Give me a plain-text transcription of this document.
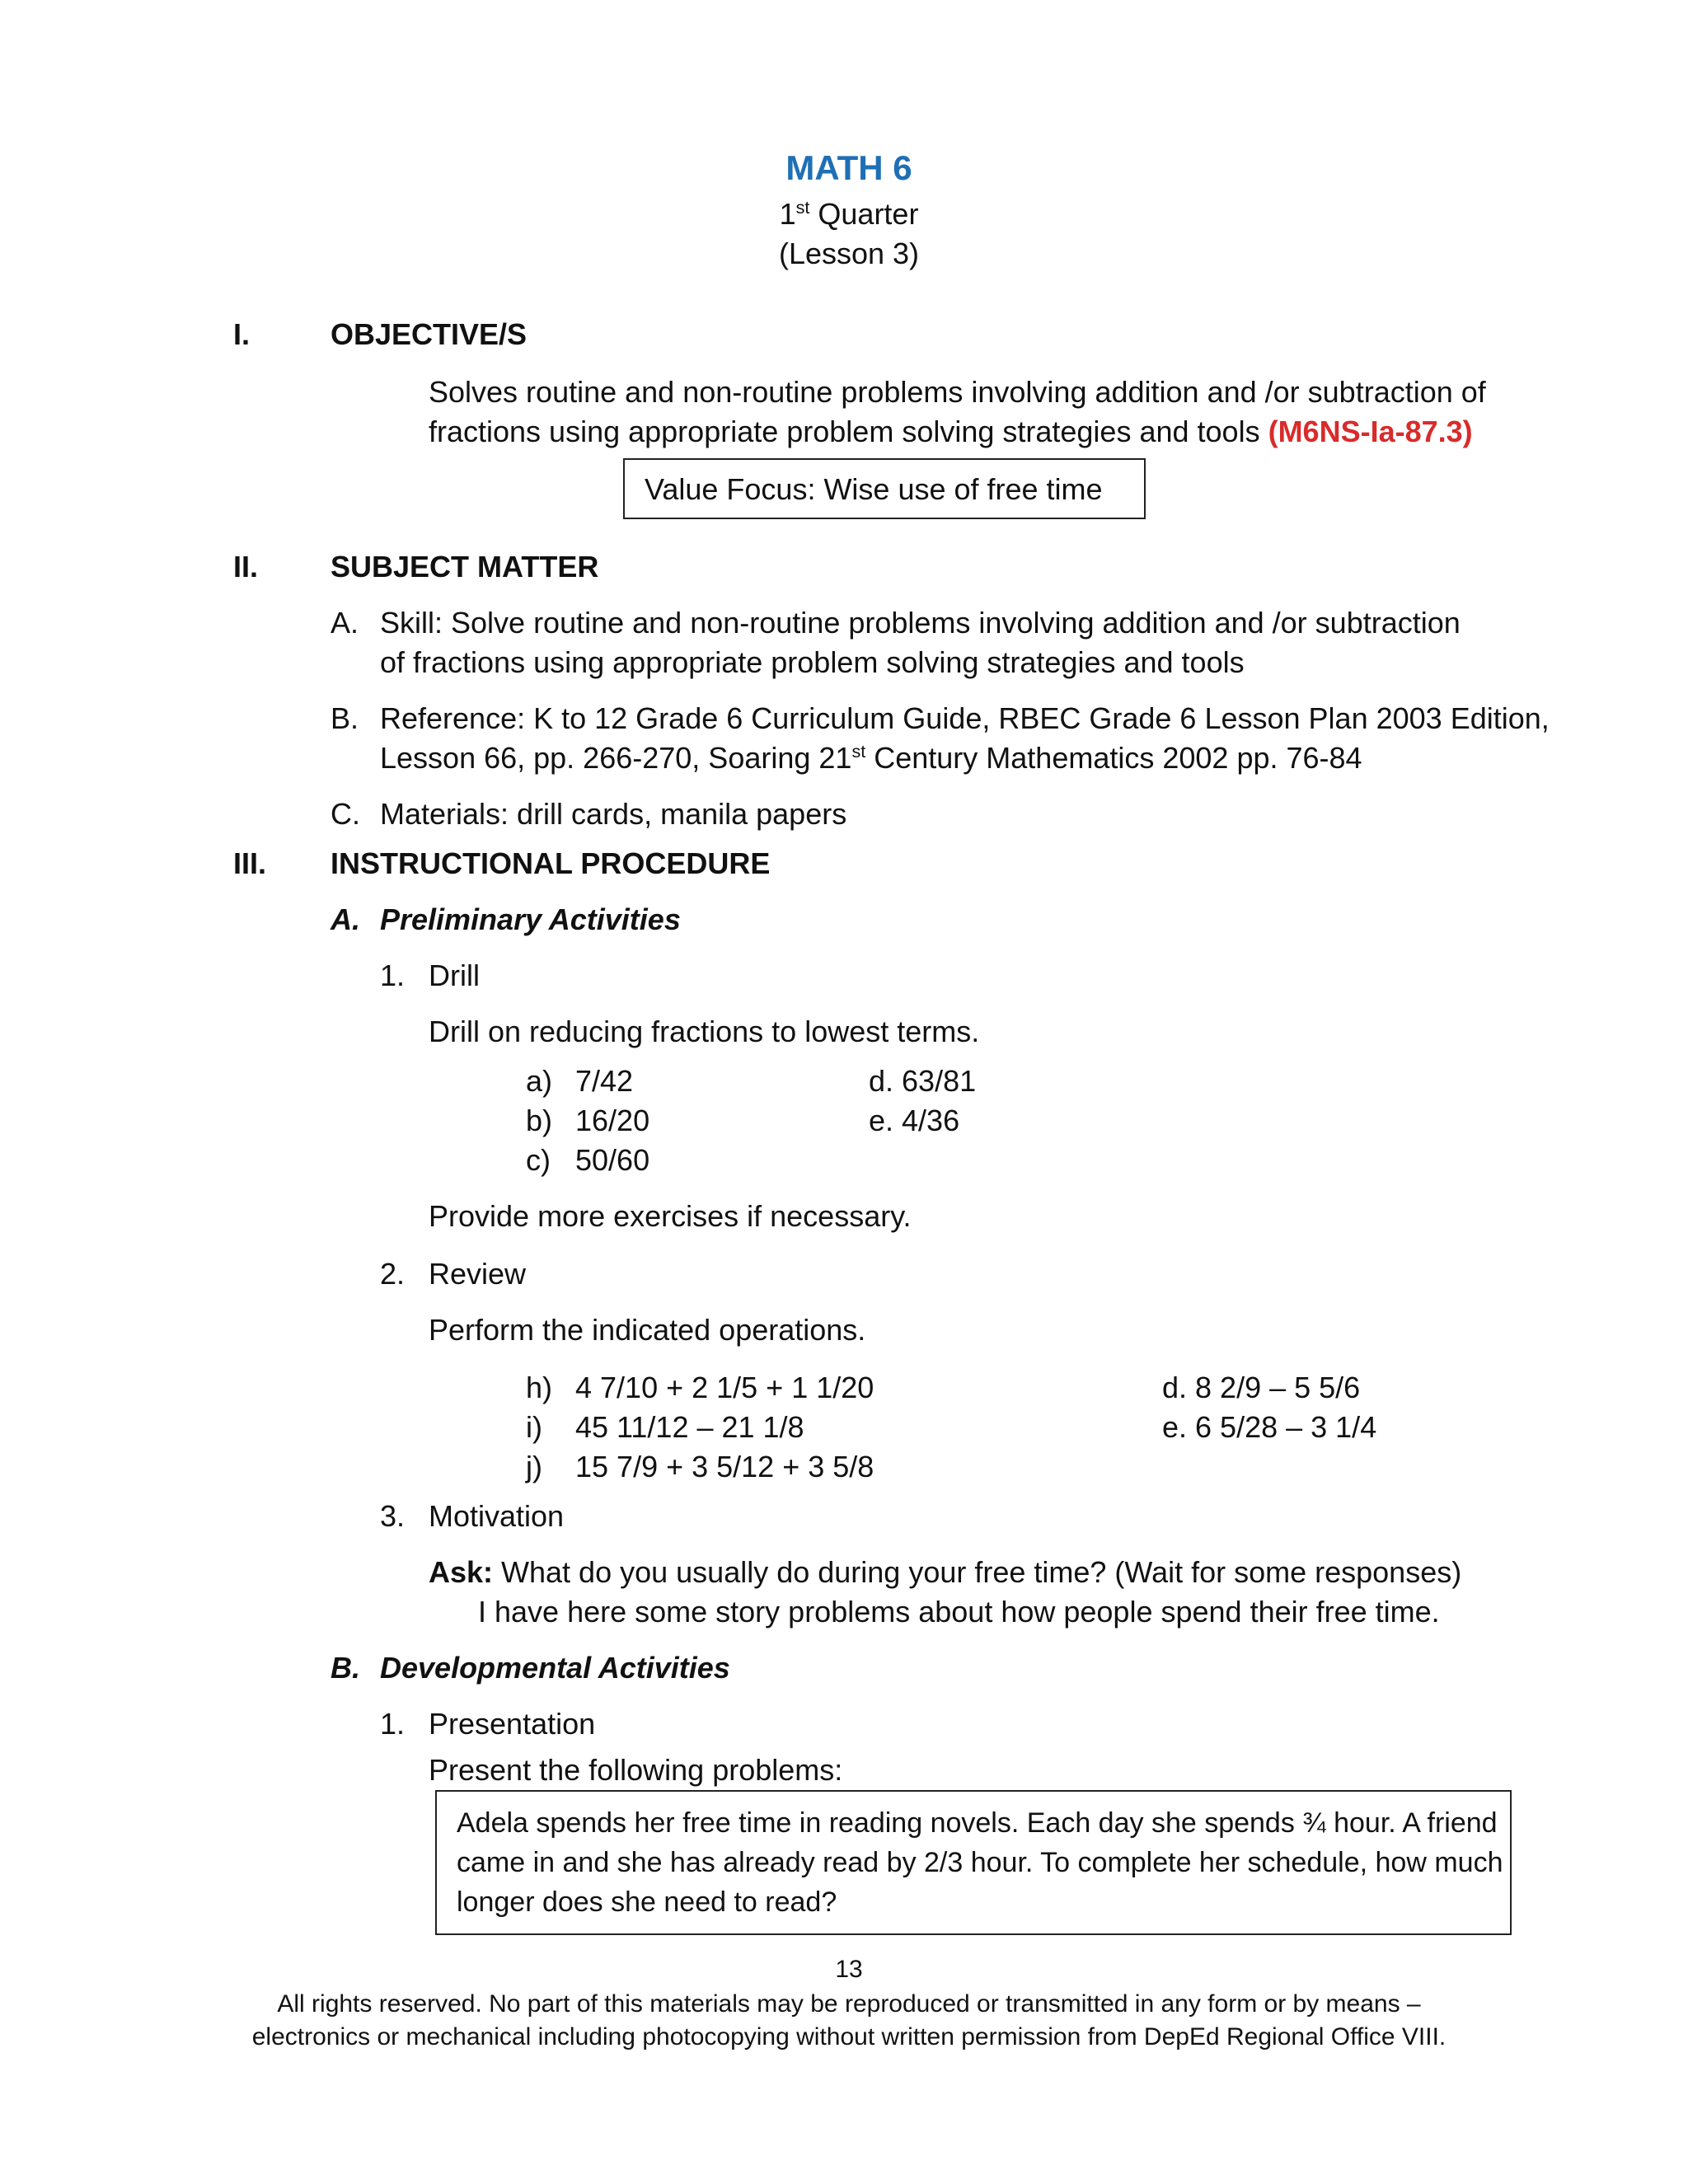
MATH 6
1st Quarter
(Lesson 3)
I.	OBJECTIVE/S
Solves routine and non-routine problems involving addition and /or subtraction of
fractions using appropriate problem solving strategies and tools (M6NS-Ia-87.3)
Value Focus: Wise use of free time
II. SUBJECT MATTER
A. Skill: Solve routine and non-routine problems involving addition and /or subtraction
of fractions using appropriate problem solving strategies and tools
B. Reference: K to 12 Grade 6 Curriculum Guide, RBEC Grade 6 Lesson Plan 2003 Edition,
Lesson 66, pp. 266-270, Soaring 21st Century Mathematics 2002 pp. 76-84
C. Materials: drill cards, manila papers
III. INSTRUCTIONAL PROCEDURE
A. Preliminary Activities
1. Drill
Drill on reducing fractions to lowest terms.
a) 7/42
b) 16/20
c) 50/60
d. 63/81
e. 4/36
Provide more exercises if necessary.
2. Review
Perform the indicated operations.
h) 4 7/10 + 2 1/5 + 1 1/20
i) 45 11/12 – 21 1/8
j) 15 7/9 + 3 5/12 + 3 5/8
d. 8 2/9 – 5 5/6
e. 6 5/28 – 3 1/4
3. Motivation
Ask: What do you usually do during your free time? (Wait for some responses)
I have here some story problems about how people spend their free time.
B. Developmental Activities
1. Presentation
Present the following problems:
Adela spends her free time in reading novels. Each day she spends ¾ hour. A friend
came in and she has already read by 2/3 hour. To complete her schedule, how much
longer does she need to read?
13
All rights reserved. No part of this materials may be reproduced or transmitted in any form or by means –
electronics or mechanical including photocopying without written permission from DepEd Regional Office VIII.
